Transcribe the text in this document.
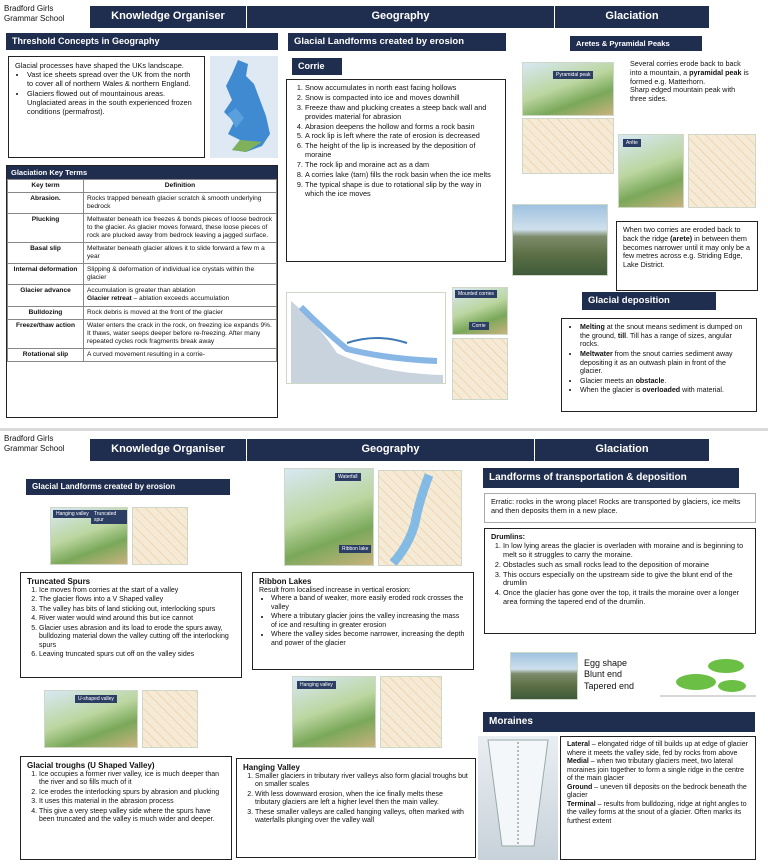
Bradford Girls Grammar School	Knowledge Organiser	Geography	Glaciation
Threshold Concepts in Geography
Glacial processes have shaped the UKs landscape.
• Vast ice sheets spread over the UK from the north to cover all of northern Wales & northern England.
• Glaciers flowed out of mountainous areas. Unglaciated areas in the south experienced frozen conditions (permafrost).
Glaciation Key Terms
Key term	Definition
Abrasion.	Rocks trapped beneath glacier scratch & smooth underlying bedrock
Plucking	Meltwater beneath ice freezes & bonds pieces of loose bedrock to the glacier. As glacier moves forward, these loose pieces of rock are plucked away from bedrock leaving a jagged surface.
Basal slip	Meltwater beneath glacier allows it to slide forward a few m a year
Internal deformation	Slipping & deformation of individual ice crystals within the glacier
Glacier advance	Accumulation is greater than ablation
Glacier retreat – ablation exceeds accumulation
Bulldozing	Rock debris is moved at the front of the glacier
Freeze/thaw action	Water enters the crack in the rock, on freezing ice expands 9%. It thaws, water seeps deeper before re-freezing. After many repeated cycles rock fragments break away
Rotational slip	A curved movement resulting in a corrie-
Glacial Landforms created by erosion
Corrie
1. Snow accumulates in north east facing hollows
2. Snow is compacted into ice and moves downhill
3. Freeze thaw and plucking creates a steep back wall and provides material for abrasion
4. Abrasion deepens the hollow and forms a rock basin
5. A rock lip is left where the rate of erosion is decreased
6. The height of the lip is increased by the deposition of moraine
7. The rock lip and moraine act as a dam
8. A corries lake (tarn) fills the rock basin when the ice melts
9. The typical shape is due to rotational slip by the way in which the ice moves
Mounted corries
Corrie
Aretes & Pyramidal Peaks
Pyramidal peak
Several corries erode back to back into a mountain, a pyramidal peak is formed e.g. Matterhorn.
Sharp edged mountain peak with three sides.
Arête
When two corries are eroded back to back the ridge (arete) in between them becomes narrower until it may only be a few metres across e.g. Striding Edge, Lake District.
Glacial deposition
• Melting at the snout means sediment is dumped on the ground, till. Till has a range of sizes, angular rocks.
• Meltwater from the snout carries sediment away depositing it as an outwash plain in front of the glacier.
• Glacier meets an obstacle.
• When the glacier is overloaded with material.
Bradford Girls Grammar School	Knowledge Organiser	Geography	Glaciation
Glacial Landforms created by erosion
Hanging valley	Truncated spur
Truncated Spurs
1. Ice moves from corries at the start of a valley
2. The glacier flows into a V Shaped valley
3. The valley has bits of land sticking out, interlocking spurs
4. River water would wind around this but ice cannot
5. Glacier uses abrasion and its load to erode the spurs away, bulldozing material down the valley cutting off the interlocking spurs
6. Leaving truncated spurs cut off on the valley sides
U-shaped valley
Glacial troughs (U Shaped Valley)
1. Ice occupies a former river valley, ice is much deeper than the river and so fills much of it
2. Ice erodes the interlocking spurs by abrasion and plucking
3. It uses this material in the abrasion process
4. This give a very steep valley side where the spurs have been truncated and the valley is much wider and deeper.
Waterfall
Ribbon lake
Ribbon Lakes
Result from localised increase in vertical erosion:
• Where a band of weaker, more easily eroded rock crosses the valley
• Where a tributary glacier joins the valley increasing the mass of ice and resulting in greater erosion
• Where the valley sides become narrower, increasing the depth and power of the glacier
Hanging valley
Hanging Valley
1. Smaller glaciers in tributary river valleys also form glacial troughs but on smaller scales
2. With less downward erosion, when the ice finally melts these tributary glaciers are left a higher level then the main valley.
3. These smaller valleys are called hanging valleys, often marked with waterfalls plunging over the valley wall
Landforms of transportation & deposition
Erratic: rocks in the wrong place! Rocks are transported by glaciers, ice melts and then deposits them in a new place.
Drumlins:
1. In low lying areas the glacier is overladen with moraine and is beginning to melt so it struggles to carry the moraine.
2. Obstacles such as small rocks lead to the deposition of moraine
3. This occurs especially on the upstream side to give the blunt end of the drumlin
4. Once the glacier has gone over the top, it trails the moraine over a longer area forming the tapered end of the drumlin.
Egg shape
Blunt end
Tapered end
Moraines
Lateral – elongated ridge of till builds up at edge of glacier where it meets the valley side, fed by rocks from above
Medial – when two tributary glaciers meet, two lateral moraines join together to form a single ridge in the centre of the main glacier
Ground – uneven till deposits on the bedrock beneath the glacier
Terminal – results from bulldozing, ridge at right angles to the valley forms at the snout of a glacier. Often marks its furthest extent
